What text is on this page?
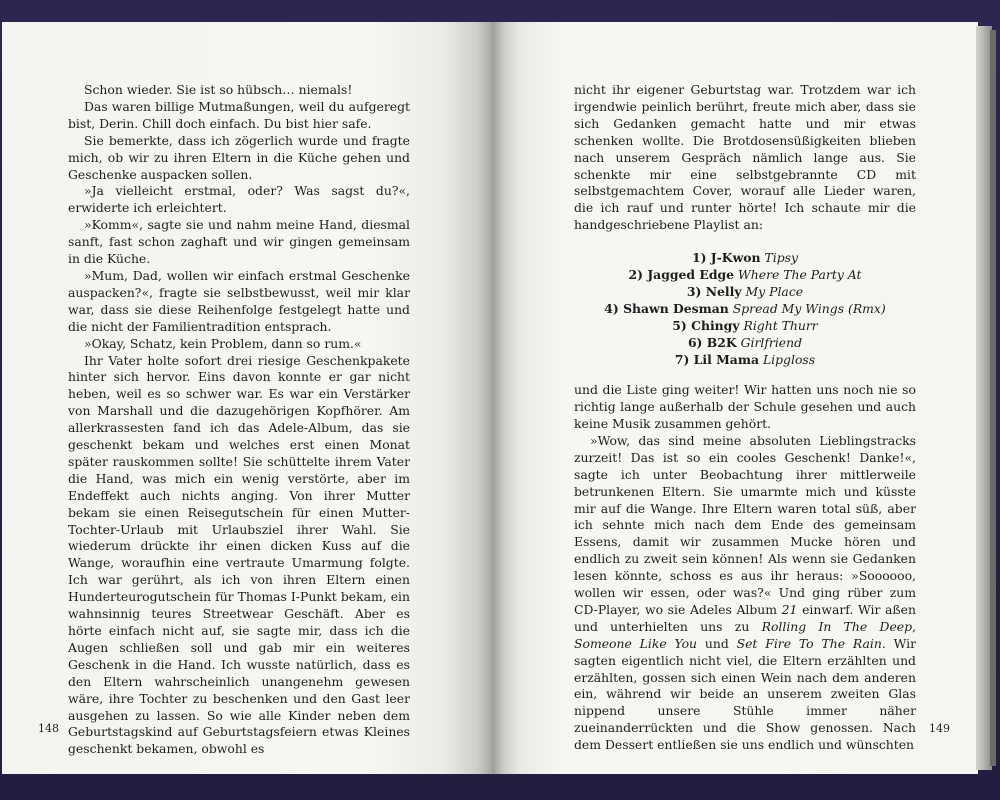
Schon wieder. Sie ist so hübsch… niemals!

Das waren billige Mutmaßungen, weil du aufgeregt bist, Derin. Chill doch einfach. Du bist hier safe.

Sie bemerkte, dass ich zögerlich wurde und fragte mich, ob wir zu ihren Eltern in die Küche gehen und Geschenke auspacken sollen.

»Ja vielleicht erstmal, oder? Was sagst du?«, erwiderte ich erleichtert.

»Komm«, sagte sie und nahm meine Hand, diesmal sanft, fast schon zaghaft und wir gingen gemeinsam in die Küche.

»Mum, Dad, wollen wir einfach erstmal Geschenke auspacken?«, fragte sie selbstbewusst, weil mir klar war, dass sie diese Reihenfolge festgelegt hatte und die nicht der Familientradition entsprach.

»Okay, Schatz, kein Problem, dann so rum.«

Ihr Vater holte sofort drei riesige Geschenkpakete hinter sich hervor. Eins davon konnte er gar nicht heben, weil es so schwer war. Es war ein Verstärker von Marshall und die dazugehörigen Kopfhörer. Am allerkrassesten fand ich das Adele-Album, das sie geschenkt bekam und welches erst einen Monat später rauskommen sollte! Sie schüttelte ihrem Vater die Hand, was mich ein wenig verstörte, aber im Endeffekt auch nichts anging. Von ihrer Mutter bekam sie einen Reisegutschein für einen Mutter-Tochter-Urlaub mit Urlaubsziel ihrer Wahl. Sie wiederum drückte ihr einen dicken Kuss auf die Wange, woraufhin eine vertraute Umarmung folgte. Ich war gerührt, als ich von ihren Eltern einen Hunderteurogutschein für Thomas I-Punkt bekam, ein wahnsinnig teures Streetwear Geschäft. Aber es hörte einfach nicht auf, sie sagte mir, dass ich die Augen schließen soll und gab mir ein weiteres Geschenk in die Hand. Ich wusste natürlich, dass es den Eltern wahrscheinlich unangenehm gewesen wäre, ihre Tochter zu beschenken und den Gast leer ausgehen zu lassen. So wie alle Kinder neben dem Geburtstagskind auf Geburtstagsfeiern etwas Kleines geschenkt bekamen, obwohl es

148

nicht ihr eigener Geburtstag war. Trotzdem war ich irgendwie peinlich berührt, freute mich aber, dass sie sich Gedanken gemacht hatte und mir etwas schenken wollte. Die Brotdosensüßigkeiten blieben nach unserem Gespräch nämlich lange aus. Sie schenkte mir eine selbstgebrannte CD mit selbstgemachtem Cover, worauf alle Lieder waren, die ich rauf und runter hörte! Ich schaute mir die handgeschriebene Playlist an:

1) J-Kwon Tipsy
2) Jagged Edge Where The Party At
3) Nelly My Place
4) Shawn Desman Spread My Wings (Rmx)
5) Chingy Right Thurr
6) B2K Girlfriend
7) Lil Mama Lipgloss

und die Liste ging weiter! Wir hatten uns noch nie so richtig lange außerhalb der Schule gesehen und auch keine Musik zusammen gehört.

»Wow, das sind meine absoluten Lieblingstracks zurzeit! Das ist so ein cooles Geschenk! Danke!«, sagte ich unter Beobachtung ihrer mittlerweile betrunkenen Eltern. Sie umarmte mich und küsste mir auf die Wange. Ihre Eltern waren total süß, aber ich sehnte mich nach dem Ende des gemeinsam Essens, damit wir zusammen Mucke hören und endlich zu zweit sein können! Als wenn sie Gedanken lesen könnte, schoss es aus ihr heraus: »Soooooo, wollen wir essen, oder was?« Und ging rüber zum CD-Player, wo sie Adeles Album 21 einwarf. Wir aßen und unterhielten uns zu Rolling In The Deep, Someone Like You und Set Fire To The Rain. Wir sagten eigentlich nicht viel, die Eltern erzählten und erzählten, gossen sich einen Wein nach dem anderen ein, während wir beide an unserem zweiten Glas nippend unsere Stühle immer näher zueinanderrückten und die Show genossen. Nach dem Dessert entließen sie uns endlich und wünschten

149
